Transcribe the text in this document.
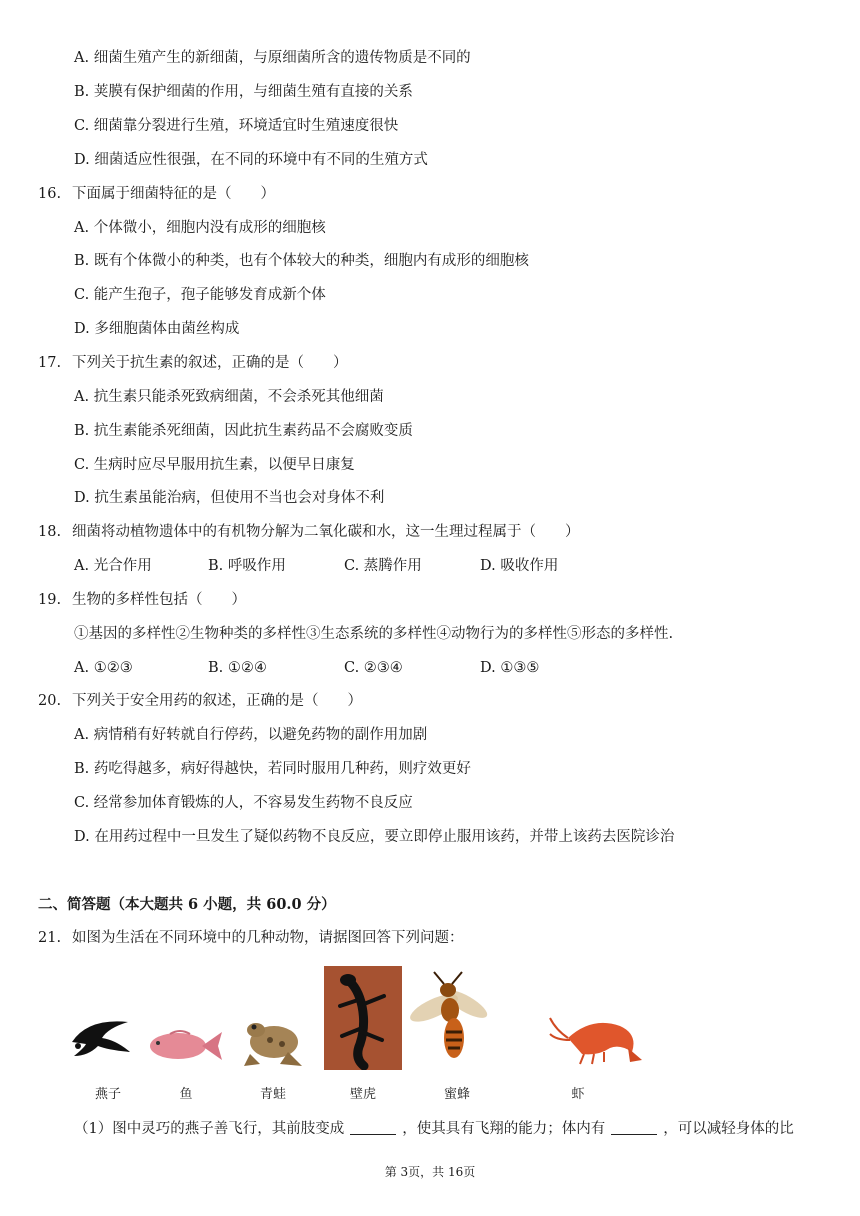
A. 细菌生殖产生的新细菌，与原细菌所含的遗传物质是不同的
B. 荚膜有保护细菌的作用，与细菌生殖有直接的关系
C. 细菌靠分裂进行生殖，环境适宜时生殖速度很快
D. 细菌适应性很强，在不同的环境中有不同的生殖方式
16. 下面属于细菌特征的是（　　）
A. 个体微小，细胞内没有成形的细胞核
B. 既有个体微小的种类，也有个体较大的种类，细胞内有成形的细胞核
C. 能产生孢子，孢子能够发育成新个体
D. 多细胞菌体由菌丝构成
17. 下列关于抗生素的叙述，正确的是（　　）
A. 抗生素只能杀死致病细菌，不会杀死其他细菌
B. 抗生素能杀死细菌，因此抗生素药品不会腐败变质
C. 生病时应尽早服用抗生素，以便早日康复
D. 抗生素虽能治病，但使用不当也会对身体不利
18. 细菌将动植物遗体中的有机物分解为二氧化碳和水，这一生理过程属于（　　）
A. 光合作用	B. 呼吸作用	C. 蒸腾作用	D. 吸收作用
19. 生物的多样性包括（　　）
①基因的多样性②生物种类的多样性③生态系统的多样性④动物行为的多样性⑤形态的多样性.
A. ①②③	B. ①②④	C. ②③④	D. ①③⑤
20. 下列关于安全用药的叙述，正确的是（　　）
A. 病情稍有好转就自行停药，以避免药物的副作用加剧
B. 药吃得越多，病好得越快，若同时服用几种药，则疗效更好
C. 经常参加体育锻炼的人，不容易发生药物不良反应
D. 在用药过程中一旦发生了疑似药物不良反应，要立即停止服用该药，并带上该药去医院诊治
二、简答题（本大题共 6 小题，共 60.0 分）
21. 如图为生活在不同环境中的几种动物，请据图回答下列问题：
燕子	鱼	青蛙	壁虎	蜜蜂	虾
（1）图中灵巧的燕子善飞行，其前肢变成	，使其具有飞翔的能力；体内有	，可以减轻身体的比
第 3页，共 16页
